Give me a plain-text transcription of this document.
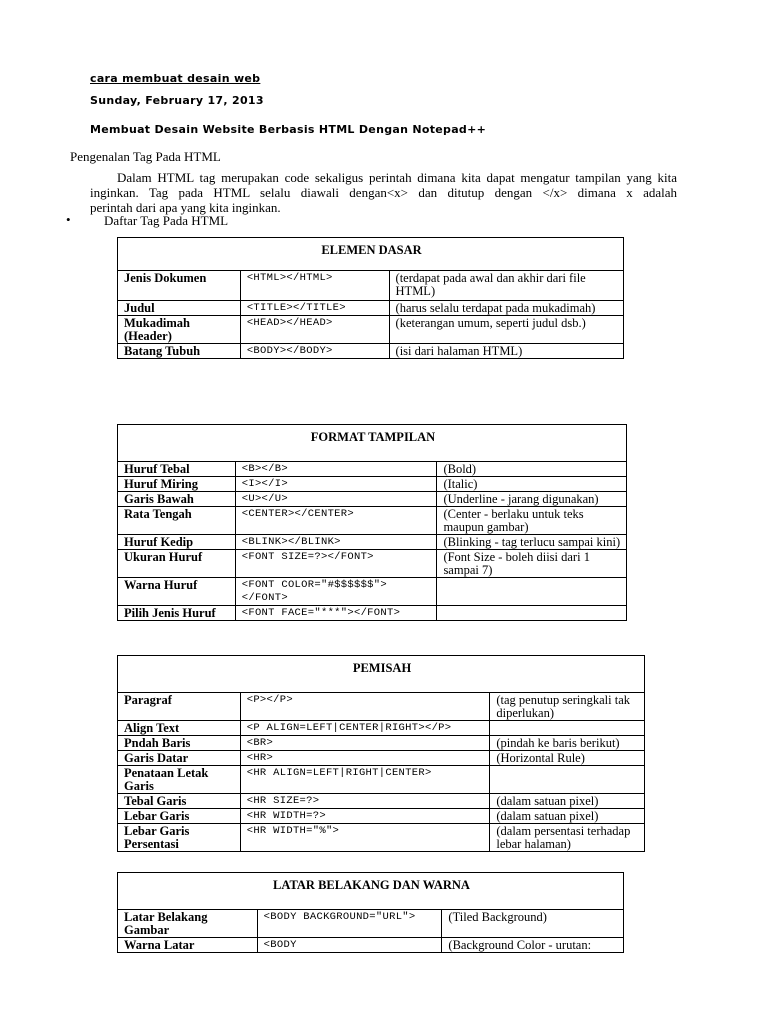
cara membuat desain web
Sunday, February 17, 2013
Membuat Desain Website Berbasis HTML Dengan Notepad++
Pengenalan Tag Pada HTML
Dalam HTML tag merupakan code sekaligus perintah dimana kita dapat mengatur tampilan yang kita
inginkan. Tag pada HTML selalu diawali dengan<x> dan ditutup dengan </x> dimana x adalah
perintah dari apa yang kita inginkan.
•	Daftar Tag Pada HTML
ELEMEN DASAR		
Jenis Dokumen	<HTML></HTML>	(terdapat pada awal dan akhir dari file HTML)
Judul	<TITLE></TITLE>	(harus selalu terdapat pada mukadimah)
Mukadimah (Header)	<HEAD></HEAD>	(keterangan umum, seperti judul dsb.)
Batang Tubuh	<BODY></BODY>	(isi dari halaman HTML)
FORMAT TAMPILAN		
Huruf Tebal	<B></B>	(Bold)
Huruf Miring	<I></I>	(Italic)
Garis Bawah	<U></U>	(Underline - jarang digunakan)
Rata Tengah	<CENTER></CENTER>	(Center - berlaku untuk teks maupun gambar)
Huruf Kedip	<BLINK></BLINK>	(Blinking - tag terlucu sampai kini)
Ukuran Huruf	<FONT SIZE=?></FONT>	(Font Size - boleh diisi dari 1 sampai 7)
Warna Huruf	<FONT COLOR="#$$$$$$"></FONT>	
Pilih Jenis Huruf	<FONT FACE="***"></FONT>	
PEMISAH		
Paragraf	<P></P>	(tag penutup seringkali tak diperlukan)
Align Text	<P ALIGN=LEFT|CENTER|RIGHT></P>	
Pndah Baris	<BR>	(pindah ke baris berikut)
Garis Datar	<HR>	(Horizontal Rule)
Penataan Letak Garis	<HR ALIGN=LEFT|RIGHT|CENTER>	
Tebal Garis	<HR SIZE=?>	(dalam satuan pixel)
Lebar Garis	<HR WIDTH=?>	(dalam satuan pixel)
Lebar Garis Persentasi	<HR WIDTH="%">	(dalam persentasi terhadap lebar halaman)
LATAR BELAKANG DAN WARNA		
Latar Belakang Gambar	<BODY BACKGROUND="URL">	(Tiled Background)
Warna Latar	<BODY	(Background Color - urutan:
